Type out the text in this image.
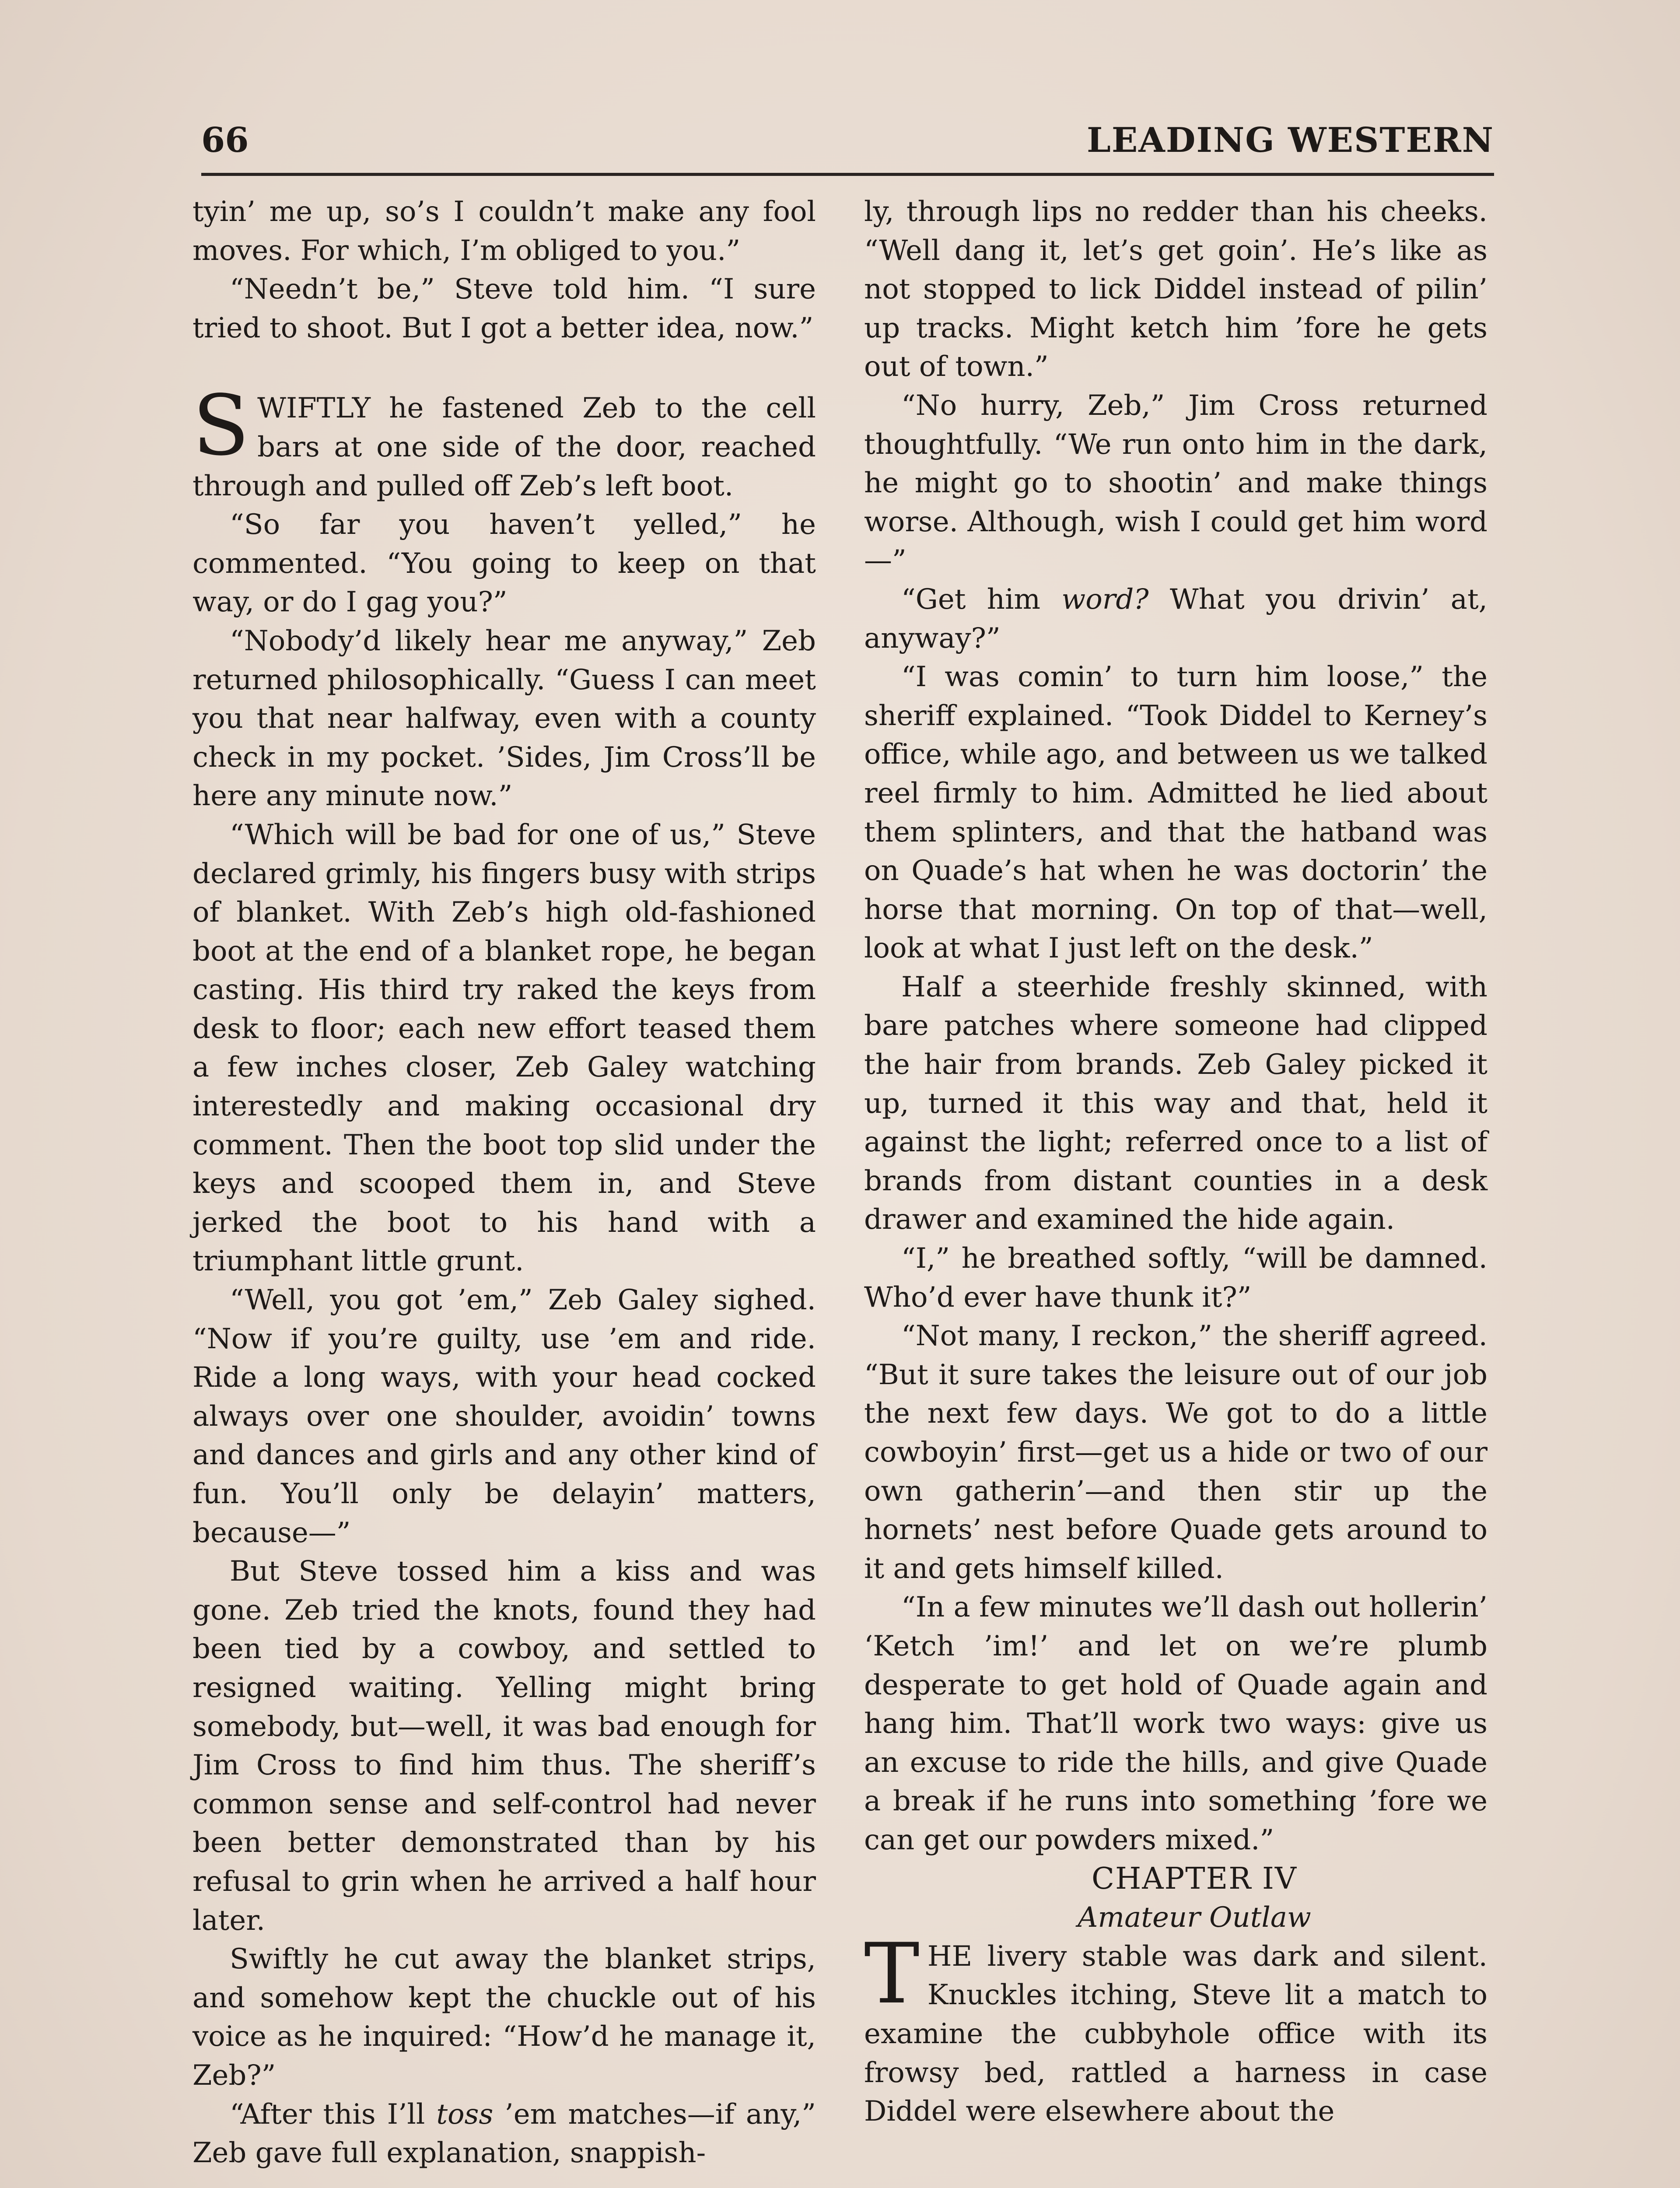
66	LEADING WESTERN

tyin’ me up, so’s I couldn’t make any fool moves. For which, I’m obliged to you.”

“Needn’t be,” Steve told him. “I sure tried to shoot. But I got a better idea, now.”

SWIFTLY he fastened Zeb to the cell bars at one side of the door, reached through and pulled off Zeb’s left boot.

“So far you haven’t yelled,” he commented. “You going to keep on that way, or do I gag you?”

“Nobody’d likely hear me anyway,” Zeb returned philosophically. “Guess I can meet you that near halfway, even with a county check in my pocket. ’Sides, Jim Cross’ll be here any minute now.”

“Which will be bad for one of us,” Steve declared grimly, his fingers busy with strips of blanket. With Zeb’s high old-fashioned boot at the end of a blanket rope, he began casting. His third try raked the keys from desk to floor; each new effort teased them a few inches closer, Zeb Galey watching interestedly and making occasional dry comment. Then the boot top slid under the keys and scooped them in, and Steve jerked the boot to his hand with a triumphant little grunt.

“Well, you got ’em,” Zeb Galey sighed. “Now if you’re guilty, use ’em and ride. Ride a long ways, with your head cocked always over one shoulder, avoidin’ towns and dances and girls and any other kind of fun. You’ll only be delayin’ matters, because—”

But Steve tossed him a kiss and was gone. Zeb tried the knots, found they had been tied by a cowboy, and settled to resigned waiting. Yelling might bring somebody, but—well, it was bad enough for Jim Cross to find him thus. The sheriff’s common sense and self-control had never been better demonstrated than by his refusal to grin when he arrived a half hour later.

Swiftly he cut away the blanket strips, and somehow kept the chuckle out of his voice as he inquired: “How’d he manage it, Zeb?”

“After this I’ll toss ’em matches—if any,” Zeb gave full explanation, snappish-

ly, through lips no redder than his cheeks. “Well dang it, let’s get goin’. He’s like as not stopped to lick Diddel instead of pilin’ up tracks. Might ketch him ’fore he gets out of town.”

“No hurry, Zeb,” Jim Cross returned thoughtfully. “We run onto him in the dark, he might go to shootin’ and make things worse. Although, wish I could get him word—”

“Get him word? What you drivin’ at, anyway?”

“I was comin’ to turn him loose,” the sheriff explained. “Took Diddel to Kerney’s office, while ago, and between us we talked reel firmly to him. Admitted he lied about them splinters, and that the hatband was on Quade’s hat when he was doctorin’ the horse that morning. On top of that—well, look at what I just left on the desk.”

Half a steerhide freshly skinned, with bare patches where someone had clipped the hair from brands. Zeb Galey picked it up, turned it this way and that, held it against the light; referred once to a list of brands from distant counties in a desk drawer and examined the hide again.

“I,” he breathed softly, “will be damned. Who’d ever have thunk it?”

“Not many, I reckon,” the sheriff agreed. “But it sure takes the leisure out of our job the next few days. We got to do a little cowboyin’ first—get us a hide or two of our own gatherin’—and then stir up the hornets’ nest before Quade gets around to it and gets himself killed.

“In a few minutes we’ll dash out hollerin’ ‘Ketch ’im!’ and let on we’re plumb desperate to get hold of Quade again and hang him. That’ll work two ways: give us an excuse to ride the hills, and give Quade a break if he runs into something ’fore we can get our powders mixed.”

CHAPTER IV

Amateur Outlaw

THE livery stable was dark and silent. Knuckles itching, Steve lit a match to examine the cubbyhole office with its frowsy bed, rattled a harness in case Diddel were elsewhere about the
